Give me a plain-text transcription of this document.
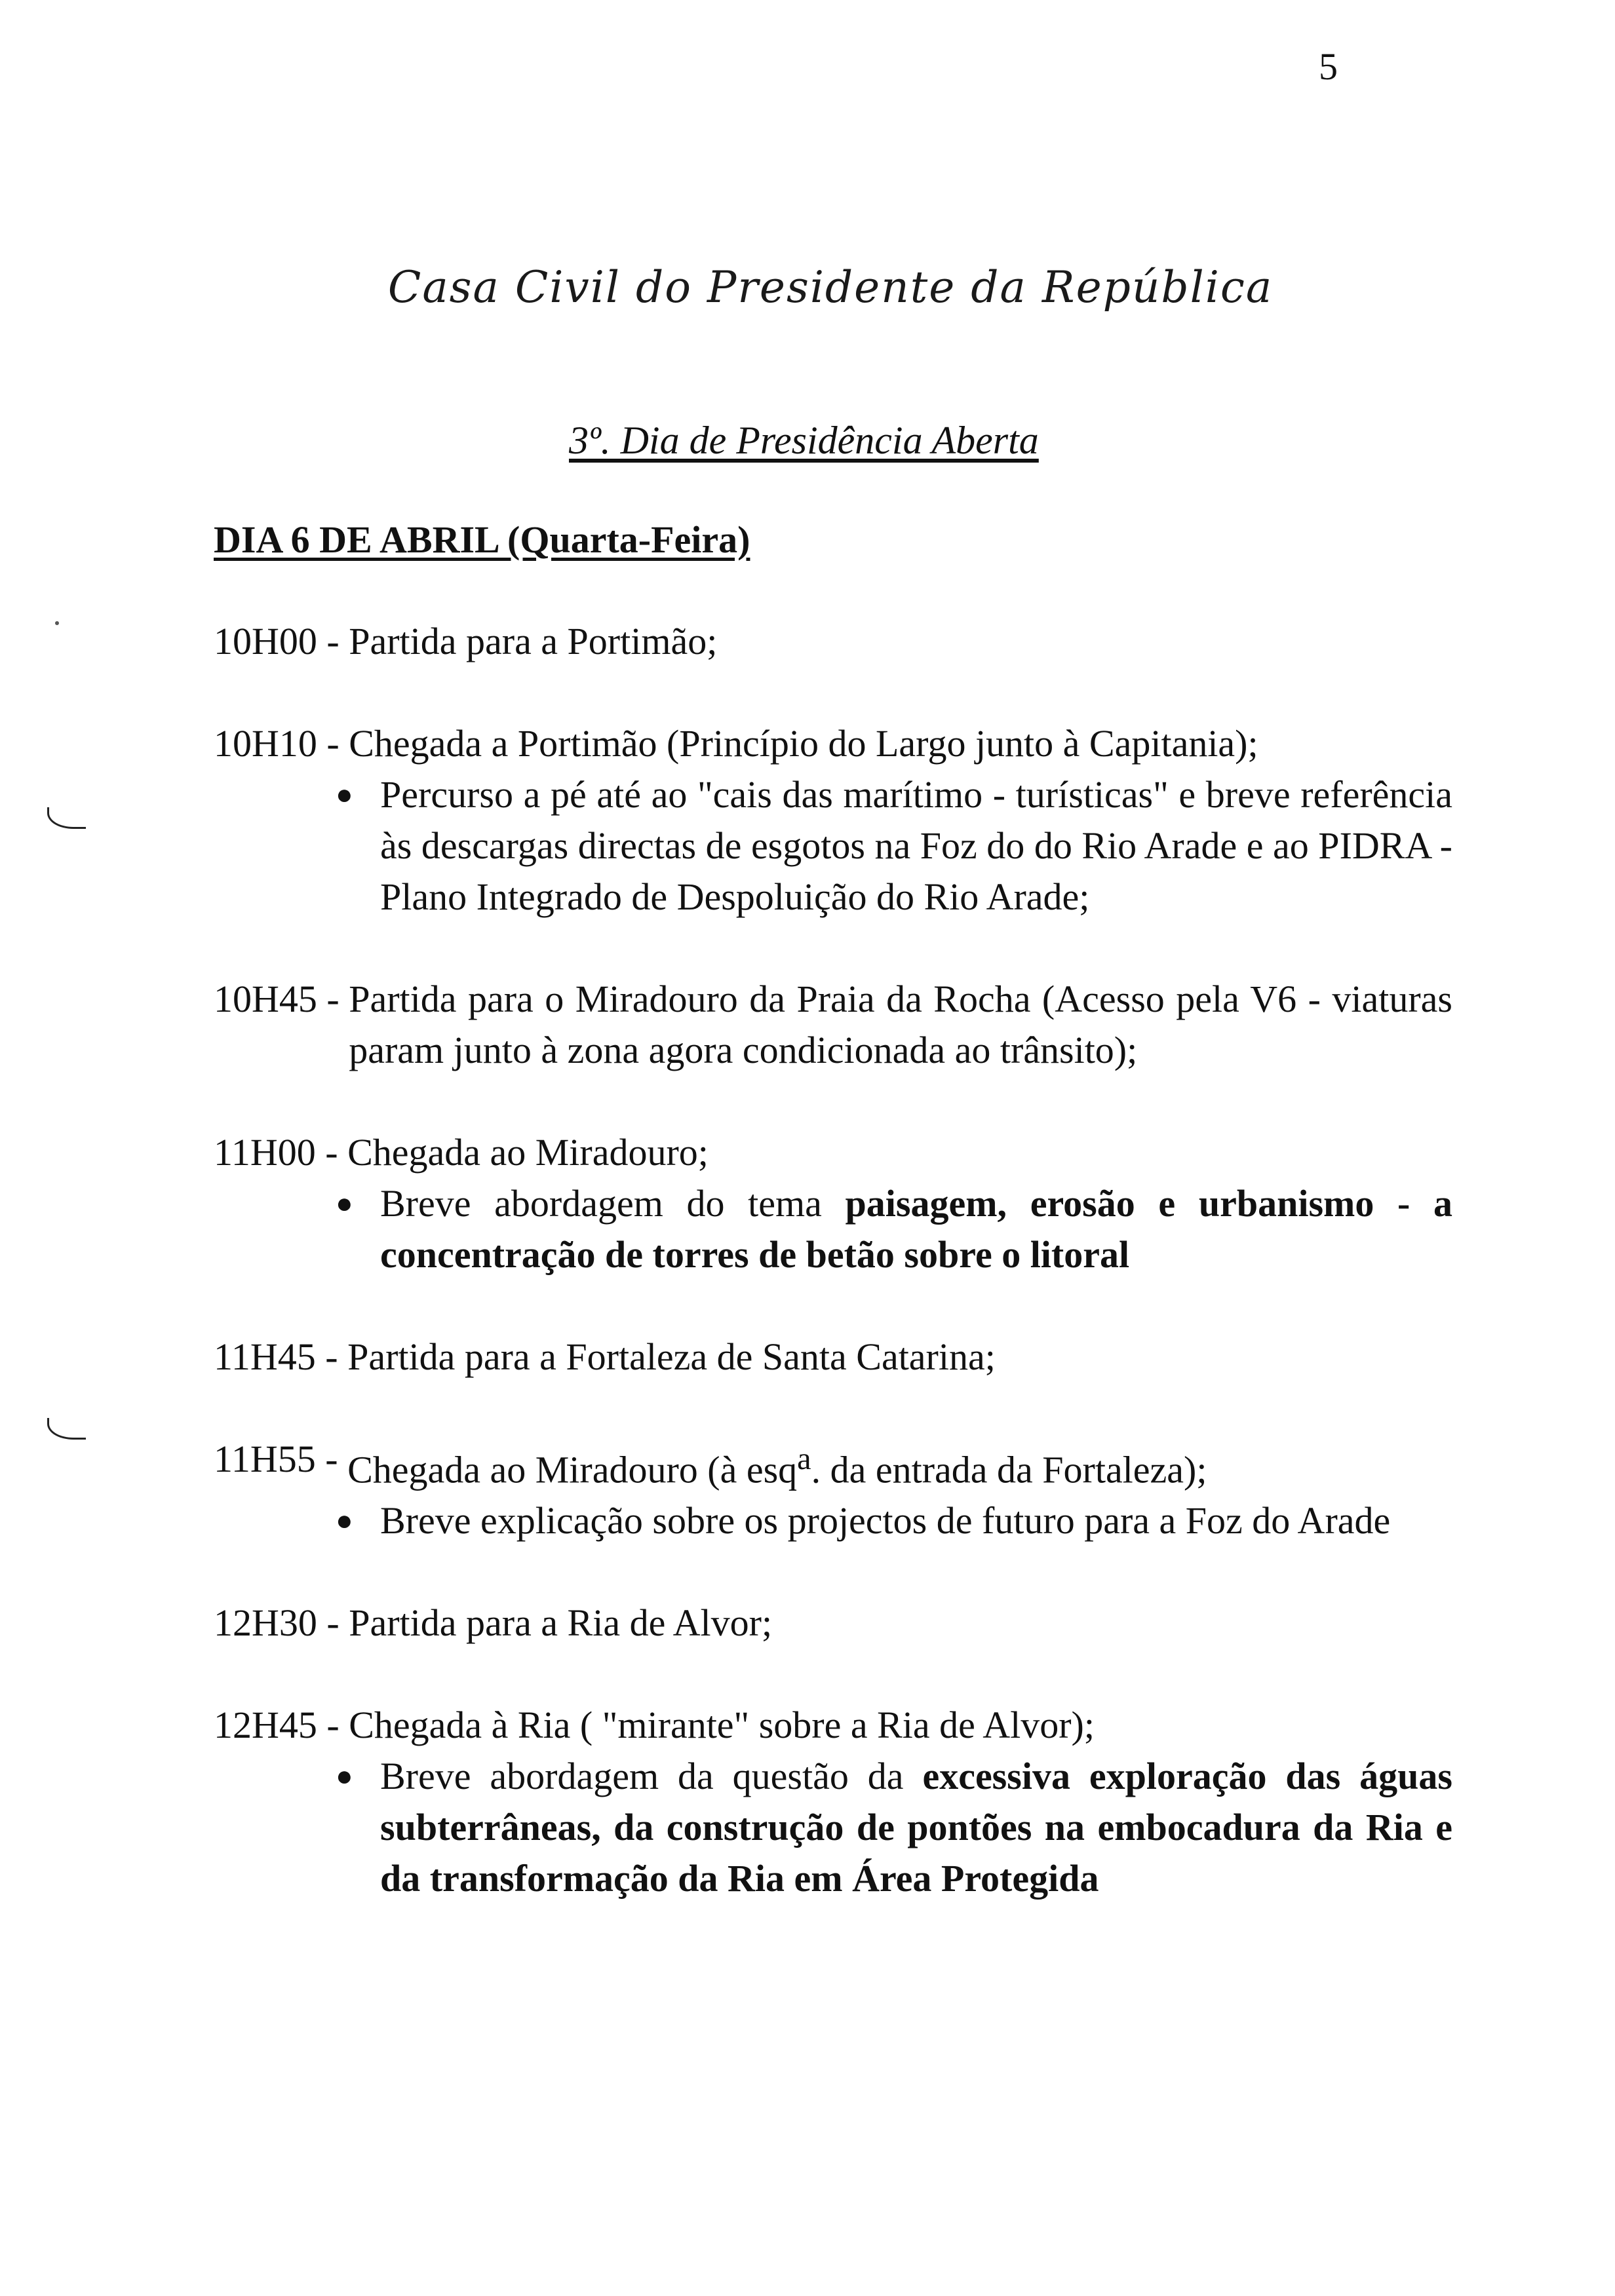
5
Casa Civil do Presidente da República
3º. Dia de Presidência Aberta
DIA 6 DE ABRIL (Quarta-Feira)
10H00 - Partida para a Portimão;
10H10 - Chegada a Portimão (Princípio do Largo junto à Capitania);
● Percurso a pé até ao "cais das marítimo - turísticas" e breve referência às descargas directas de esgotos na Foz do do Rio Arade e ao PIDRA - Plano Integrado de Despoluição do Rio Arade;
10H45 - Partida para o Miradouro da Praia da Rocha (Acesso pela V6 - viaturas param junto à zona agora condicionada ao trânsito);
11H00 - Chegada ao Miradouro;
● Breve abordagem do tema paisagem, erosão e urbanismo - a concentração de torres de betão sobre o litoral
11H45 - Partida para a Fortaleza de Santa Catarina;
11H55 - Chegada ao Miradouro (à esq$^a$. da entrada da Fortaleza);
● Breve explicação sobre os projectos de futuro para a Foz do Arade
12H30 - Partida para a Ria de Alvor;
12H45 - Chegada à Ria ( "mirante" sobre a Ria de Alvor);
● Breve abordagem da questão da excessiva exploração das águas subterrâneas, da construção de pontões na embocadura da Ria e da transformação da Ria em Área Protegida
